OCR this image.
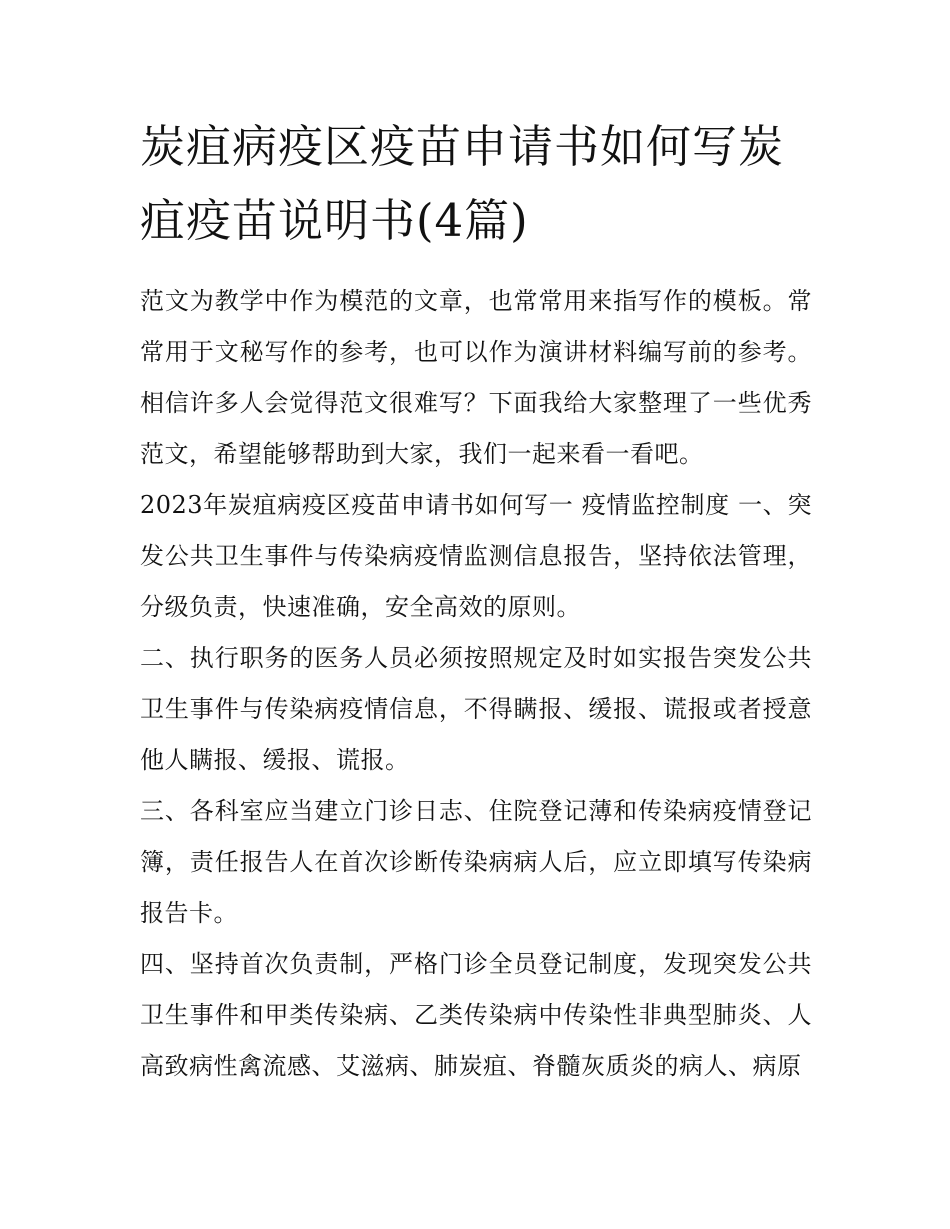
炭疽病疫区疫苗申请书如何写炭疽疫苗说明书(4篇)

范文为教学中作为模范的文章，也常常用来指写作的模板。常常用于文秘写作的参考，也可以作为演讲材料编写前的参考。相信许多人会觉得范文很难写？下面我给大家整理了一些优秀范文，希望能够帮助到大家，我们一起来看一看吧。

2023年炭疽病疫区疫苗申请书如何写一 疫情监控制度 一、突发公共卫生事件与传染病疫情监测信息报告，坚持依法管理，分级负责，快速准确，安全高效的原则。

二、执行职务的医务人员必须按照规定及时如实报告突发公共卫生事件与传染病疫情信息，不得瞒报、缓报、谎报或者授意他人瞒报、缓报、谎报。

三、各科室应当建立门诊日志、住院登记薄和传染病疫情登记簿，责任报告人在首次诊断传染病病人后，应立即填写传染病报告卡。

四、坚持首次负责制，严格门诊全员登记制度，发现突发公共卫生事件和甲类传染病、乙类传染病中传染性非典型肺炎、人高致病性禽流感、艾滋病、肺炭疽、脊髓灰质炎的病人、病原
